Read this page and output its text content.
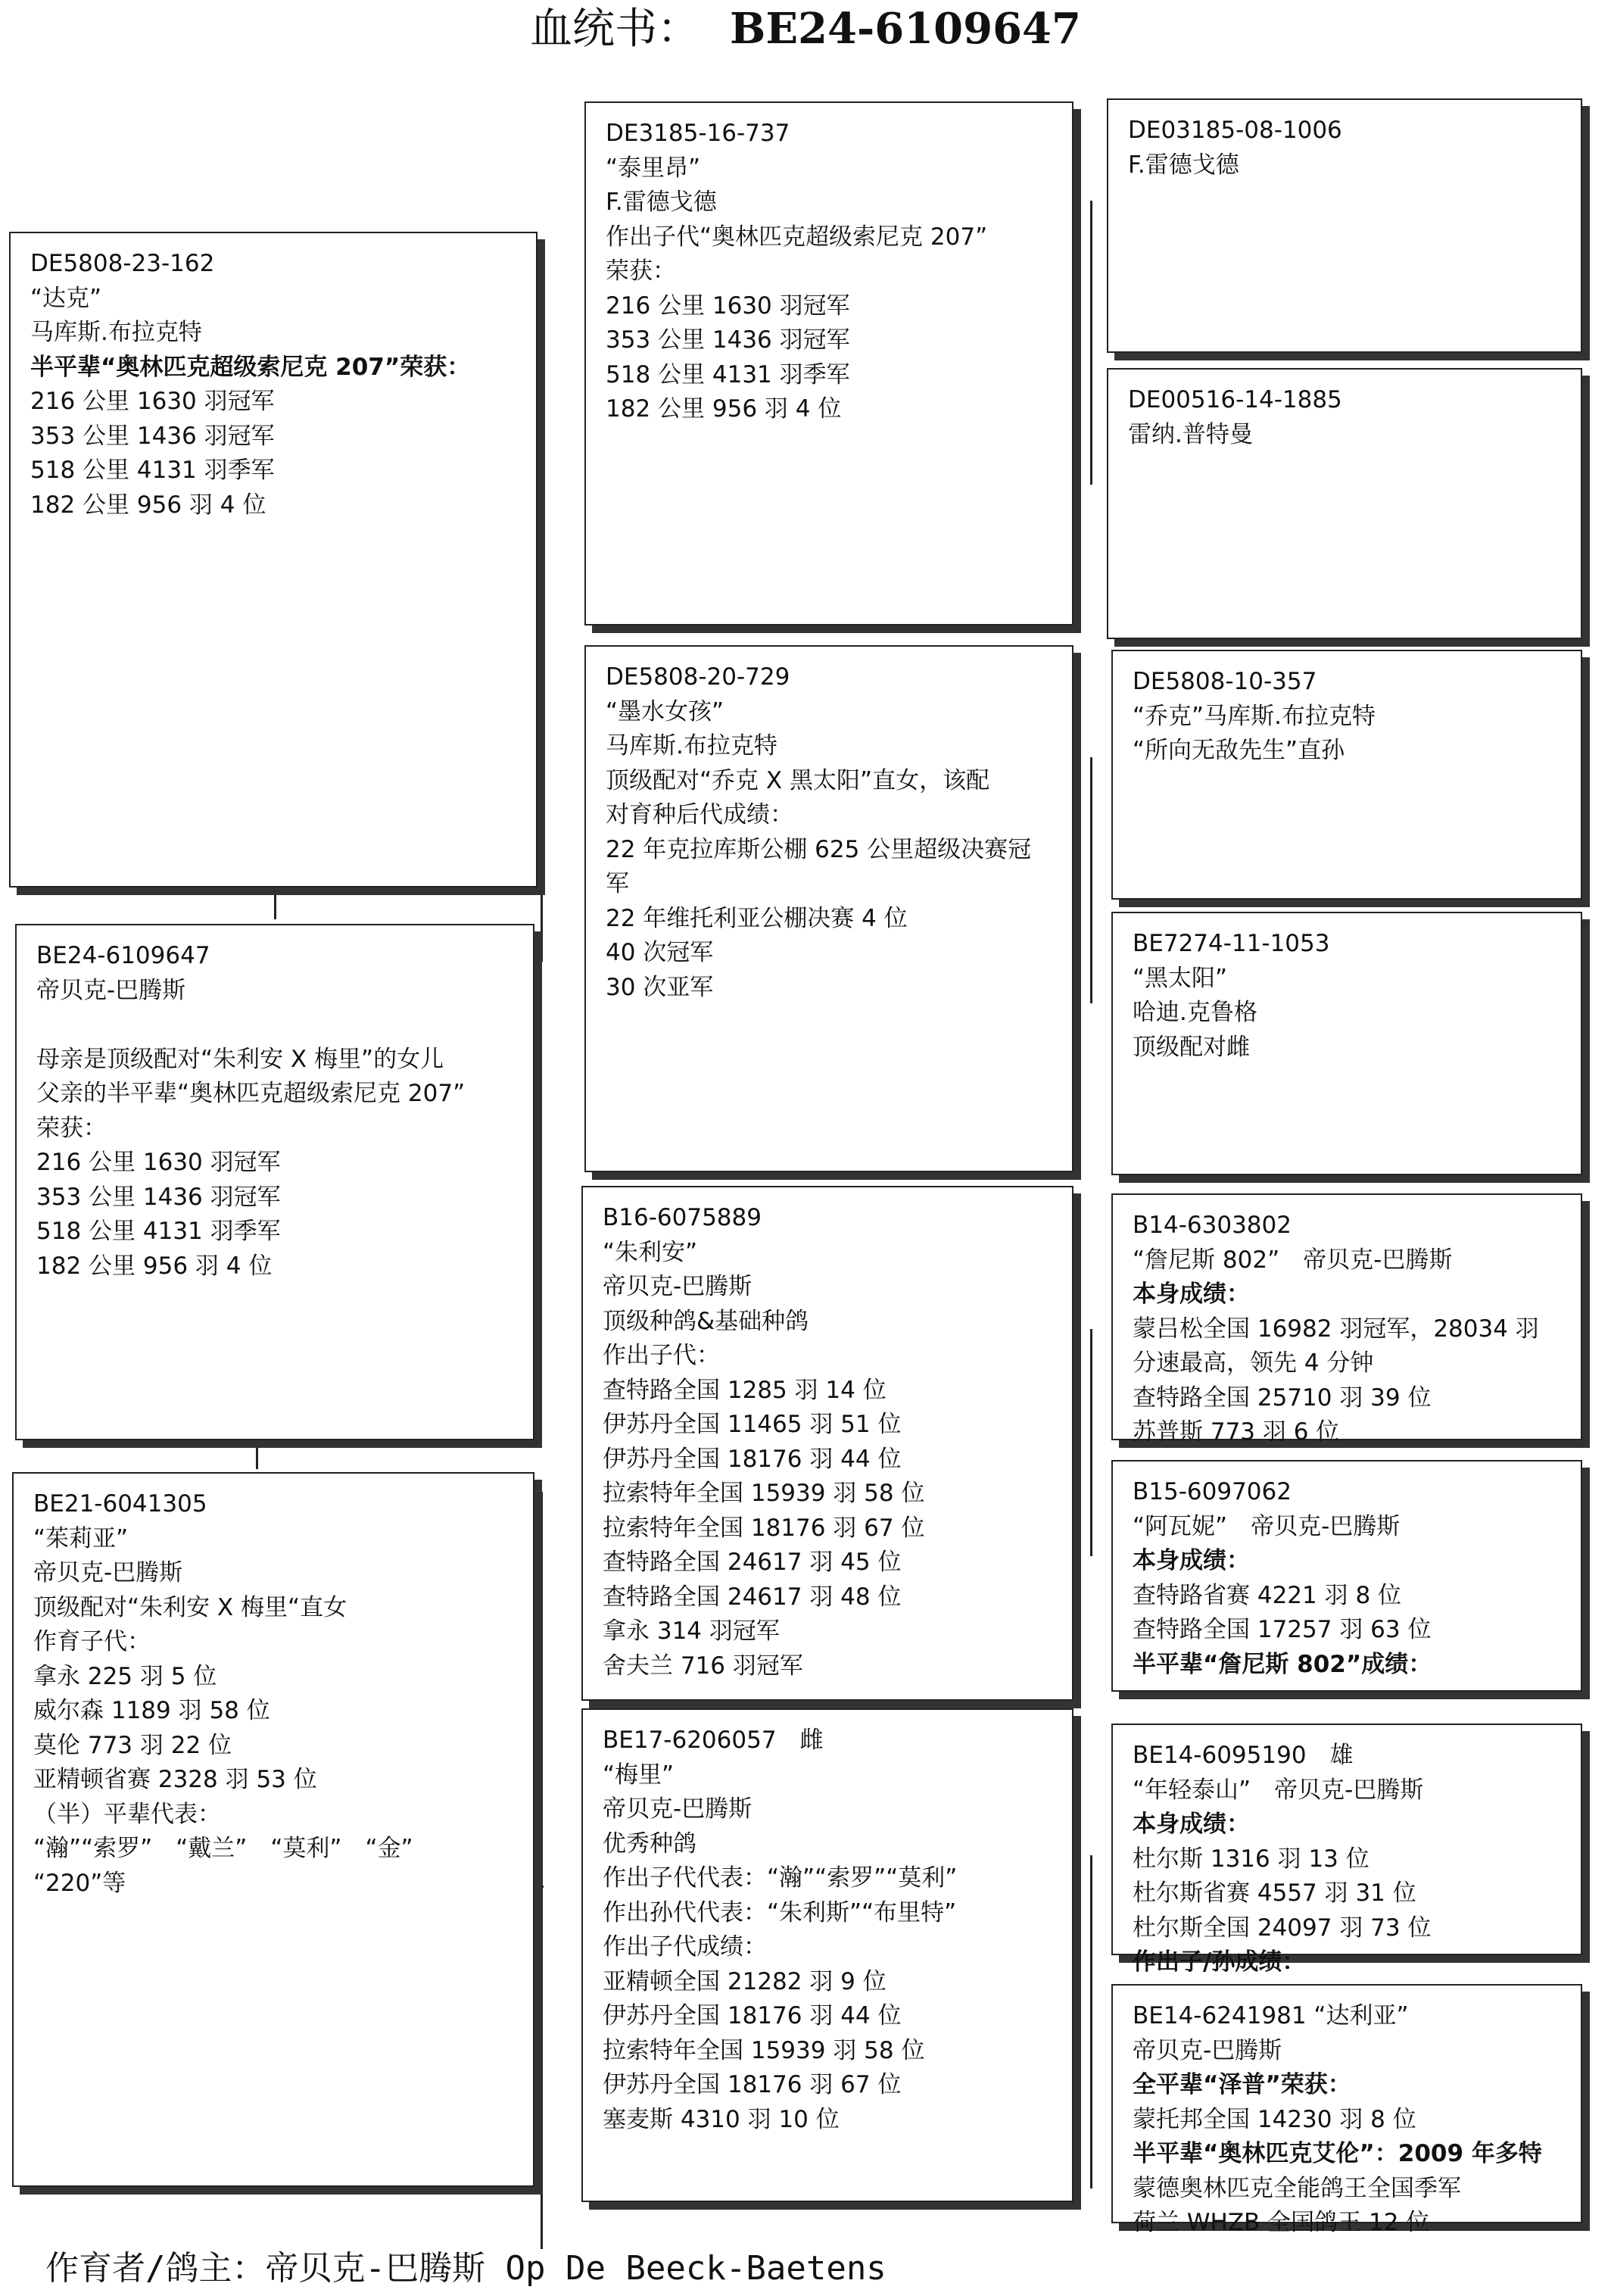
血统书： BE24-6109647
DE5808-23-162
“达克”
马库斯.布拉克特
半平辈“奥林匹克超级索尼克 207”荣获：
216 公里 1630 羽冠军
353 公里 1436 羽冠军
518 公里 4131 羽季军
182 公里 956 羽 4 位
BE24-6109647
帝贝克-巴腾斯
母亲是顶级配对“朱利安 X 梅里”的女儿
父亲的半平辈“奥林匹克超级索尼克 207”
荣获：
216 公里 1630 羽冠军
353 公里 1436 羽冠军
518 公里 4131 羽季军
182 公里 956 羽 4 位
BE21-6041305
“茱莉亚”
帝贝克-巴腾斯
顶级配对“朱利安 X 梅里“直女
作育子代：
拿永 225 羽 5 位
威尔森 1189 羽 58 位
莫伦 773 羽 22 位
亚精顿省赛 2328 羽 53 位
（半）平辈代表：
“瀚”“索罗”　“戴兰”　“莫利”　“金”
“220”等
DE3185-16-737
“泰里昂”
F.雷德戈德
作出子代“奥林匹克超级索尼克 207”
荣获：
216 公里 1630 羽冠军
353 公里 1436 羽冠军
518 公里 4131 羽季军
182 公里 956 羽 4 位
DE5808-20-729
“墨水女孩”
马库斯.布拉克特
顶级配对“乔克 X 黑太阳”直女，该配
对育种后代成绩：
22 年克拉库斯公棚 625 公里超级决赛冠
军
22 年维托利亚公棚决赛 4 位
40 次冠军
30 次亚军
B16-6075889
“朱利安”
帝贝克-巴腾斯
顶级种鸽&基础种鸽
作出子代：
查特路全国 1285 羽 14 位
伊苏丹全国 11465 羽 51 位
伊苏丹全国 18176 羽 44 位
拉索特年全国 15939 羽 58 位
拉索特年全国 18176 羽 67 位
查特路全国 24617 羽 45 位
查特路全国 24617 羽 48 位
拿永 314 羽冠军
舍夫兰 716 羽冠军
BE17-6206057　雌
“梅里”
帝贝克-巴腾斯
优秀种鸽
作出子代代表：“瀚”“索罗”“莫利”
作出孙代代表：“朱利斯”“布里特”
作出子代成绩：
亚精顿全国 21282 羽 9 位
伊苏丹全国 18176 羽 44 位
拉索特年全国 15939 羽 58 位
伊苏丹全国 18176 羽 67 位
塞麦斯 4310 羽 10 位
DE03185-08-1006
F.雷德戈德
DE00516-14-1885
雷纳.普特曼
DE5808-10-357
“乔克”马库斯.布拉克特
“所向无敌先生”直孙
BE7274-11-1053
“黑太阳”
哈迪.克鲁格
顶级配对雌
B14-6303802
“詹尼斯 802”　帝贝克-巴腾斯
本身成绩：
蒙吕松全国 16982 羽冠军，28034 羽
分速最高，领先 4 分钟
查特路全国 25710 羽 39 位
苏普斯 773 羽 6 位
B15-6097062
“阿瓦妮”　帝贝克-巴腾斯
本身成绩：
查特路省赛 4221 羽 8 位
查特路全国 17257 羽 63 位
半平辈“詹尼斯 802”成绩：
BE14-6095190　雄
“年轻泰山”　帝贝克-巴腾斯
本身成绩：
杜尔斯 1316 羽 13 位
杜尔斯省赛 4557 羽 31 位
杜尔斯全国 24097 羽 73 位
作出子/孙成绩：
BE14-6241981 “达利亚”
帝贝克-巴腾斯
全平辈“泽普”荣获：
蒙托邦全国 14230 羽 8 位
半平辈“奥林匹克艾伦”：2009 年多特
蒙德奥林匹克全能鸽王全国季军
荷兰 WHZB 全国鸽王 12 位
作育者/鸽主：帝贝克-巴腾斯 Op De Beeck-Baetens
